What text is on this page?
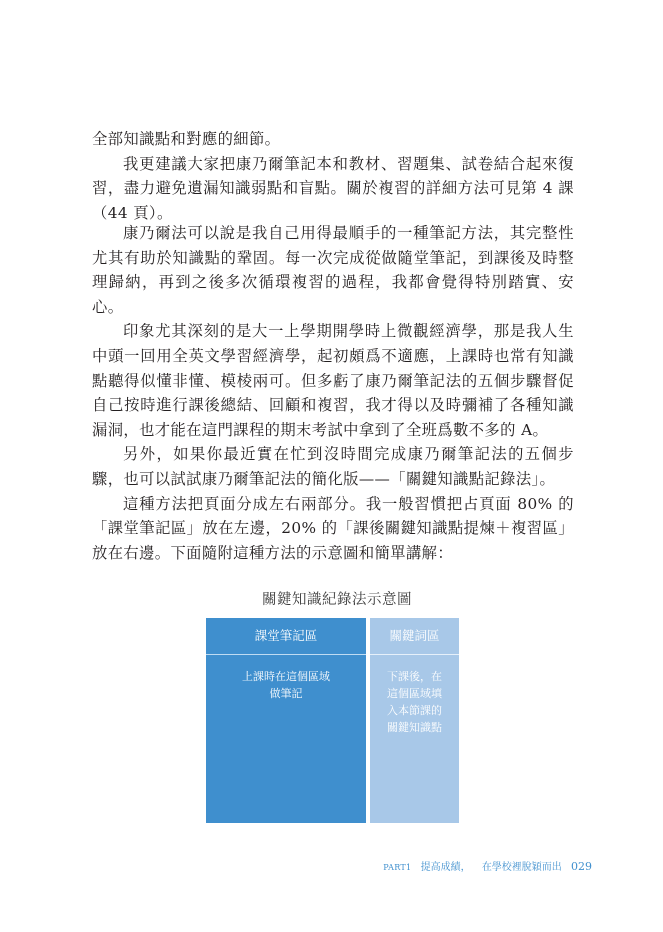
全部知識點和對應的細節。

我更建議大家把康乃爾筆記本和教材、習題集、試卷結合起來復習，盡力避免遺漏知識弱點和盲點。關於複習的詳細方法可見第 4 課（44 頁）。

康乃爾法可以說是我自己用得最順手的一種筆記方法，其完整性尤其有助於知識點的鞏固。每一次完成從做隨堂筆記，到課後及時整理歸納，再到之後多次循環複習的過程，我都會覺得特別踏實、安心。

印象尤其深刻的是大一上學期開學時上微觀經濟學，那是我人生中頭一回用全英文學習經濟學，起初頗爲不適應，上課時也常有知識點聽得似懂非懂、模棱兩可。但多虧了康乃爾筆記法的五個步驟督促自己按時進行課後總結、回顧和複習，我才得以及時彌補了各種知識漏洞，也才能在這門課程的期末考試中拿到了全班爲數不多的 A。

另外，如果你最近實在忙到沒時間完成康乃爾筆記法的五個步驟，也可以試試康乃爾筆記法的簡化版——「關鍵知識點記錄法」。

這種方法把頁面分成左右兩部分。我一般習慣把占頁面 80% 的「課堂筆記區」放在左邊，20% 的「課後關鍵知識點提煉＋複習區」放在右邊。下面隨附這種方法的示意圖和簡單講解：

關鍵知識紀錄法示意圖
課堂筆記區
上課時在這個區域
做筆記
關鍵詞區
下課後，在
這個區域填
入本節課的
關鍵知識點
PART1 提高成績， 在學校裡脫穎而出 029
